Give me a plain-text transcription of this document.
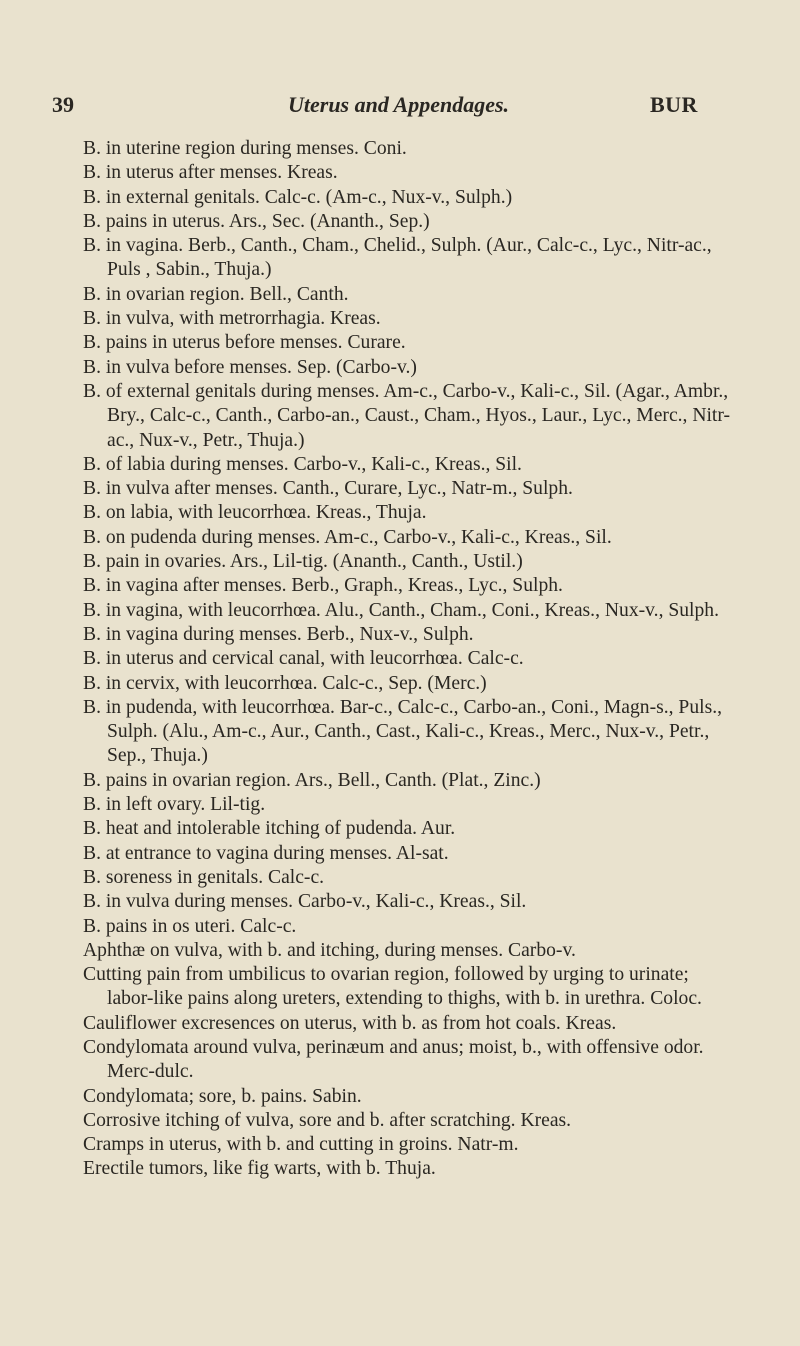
39	Uterus and Appendages.	BUR
B. in uterine region during menses. Coni.
B. in uterus after menses. Kreas.
B. in external genitals. Calc-c. (Am-c., Nux-v., Sulph.)
B. pains in uterus. Ars., Sec. (Ananth., Sep.)
B. in vagina. Berb., Canth., Cham., Chelid., Sulph. (Aur., Calc-c., Lyc., Nitr-ac., Puls , Sabin., Thuja.)
B. in ovarian region. Bell., Canth.
B. in vulva, with metrorrhagia. Kreas.
B. pains in uterus before menses. Curare.
B. in vulva before menses. Sep. (Carbo-v.)
B. of external genitals during menses. Am-c., Carbo-v., Kali-c., Sil. (Agar., Ambr., Bry., Calc-c., Canth., Carbo-an., Caust., Cham., Hyos., Laur., Lyc., Merc., Nitr-ac., Nux-v., Petr., Thuja.)
B. of labia during menses. Carbo-v., Kali-c., Kreas., Sil.
B. in vulva after menses. Canth., Curare, Lyc., Natr-m., Sulph.
B. on labia, with leucorrhœa. Kreas., Thuja.
B. on pudenda during menses. Am-c., Carbo-v., Kali-c., Kreas., Sil.
B. pain in ovaries. Ars., Lil-tig. (Ananth., Canth., Ustil.)
B. in vagina after menses. Berb., Graph., Kreas., Lyc., Sulph.
B. in vagina, with leucorrhœa. Alu., Canth., Cham., Coni., Kreas., Nux-v., Sulph.
B. in vagina during menses. Berb., Nux-v., Sulph.
B. in uterus and cervical canal, with leucorrhœa. Calc-c.
B. in cervix, with leucorrhœa. Calc-c., Sep. (Merc.)
B. in pudenda, with leucorrhœa. Bar-c., Calc-c., Carbo-an., Coni., Magn-s., Puls., Sulph. (Alu., Am-c., Aur., Canth., Cast., Kali-c., Kreas., Merc., Nux-v., Petr., Sep., Thuja.)
B. pains in ovarian region. Ars., Bell., Canth. (Plat., Zinc.)
B. in left ovary. Lil-tig.
B. heat and intolerable itching of pudenda. Aur.
B. at entrance to vagina during menses. Al-sat.
B. soreness in genitals. Calc-c.
B. in vulva during menses. Carbo-v., Kali-c., Kreas., Sil.
B. pains in os uteri. Calc-c.
Aphthæ on vulva, with b. and itching, during menses. Carbo-v.
Cutting pain from umbilicus to ovarian region, followed by urging to urinate; labor-like pains along ureters, extending to thighs, with b. in urethra. Coloc.
Cauliflower excresences on uterus, with b. as from hot coals. Kreas.
Condylomata around vulva, perinæum and anus; moist, b., with offensive odor. Merc-dulc.
Condylomata; sore, b. pains. Sabin.
Corrosive itching of vulva, sore and b. after scratching. Kreas.
Cramps in uterus, with b. and cutting in groins. Natr-m.
Erectile tumors, like fig warts, with b. Thuja.
